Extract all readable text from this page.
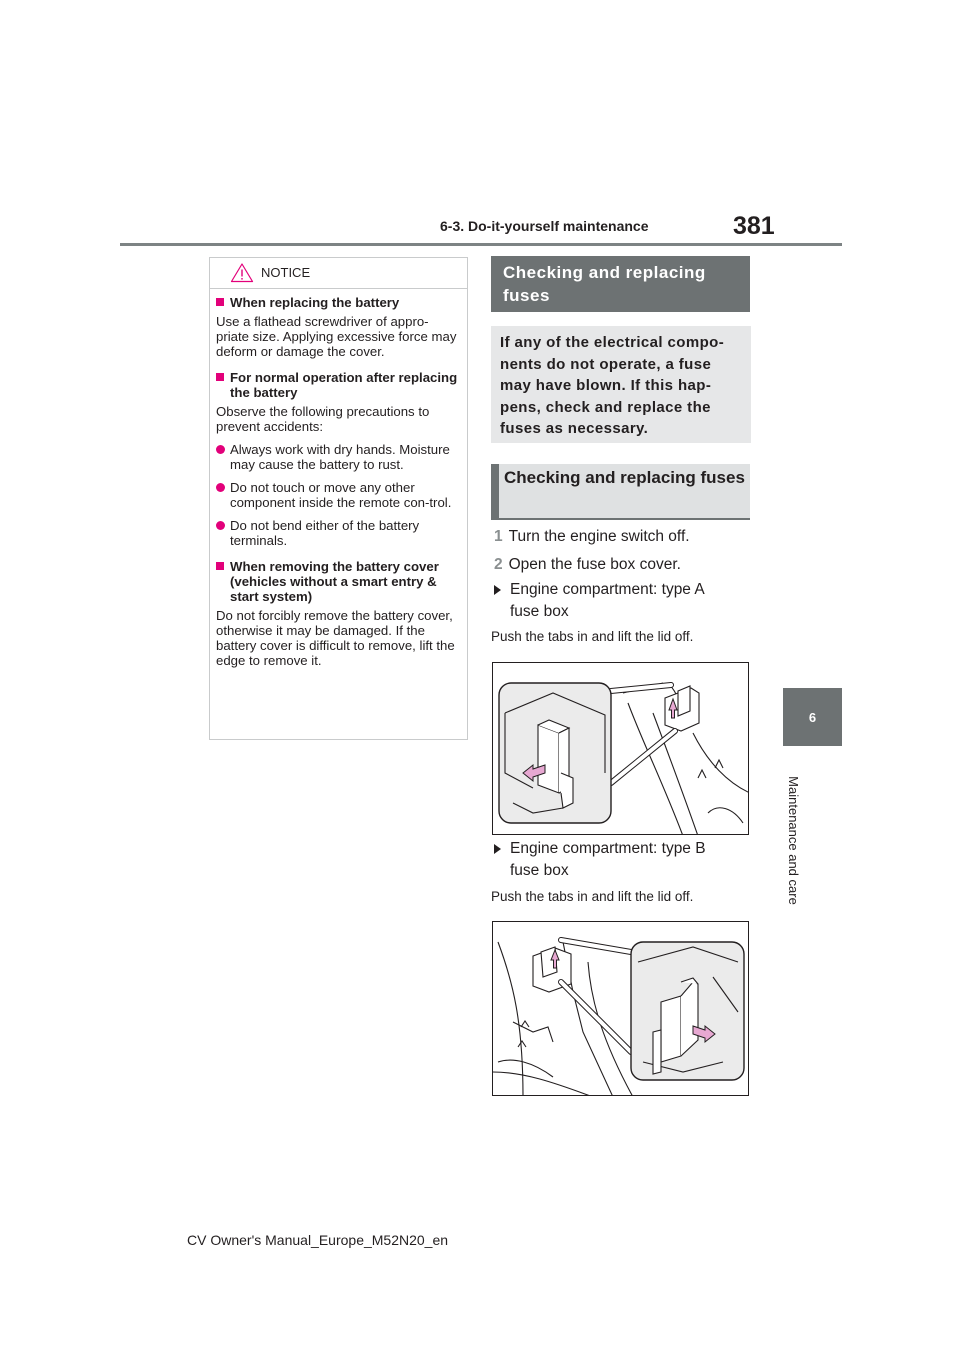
6-3. Do-it-yourself maintenance	381
6
Maintenance and care
NOTICE
When replacing the battery
Use a flathead screwdriver of appro-priate size. Applying excessive force may deform or damage the cover.
For normal operation after replacing the battery
Observe the following precautions to prevent accidents:
Always work with dry hands. Moisture may cause the battery to rust.
Do not touch or move any other component inside the remote con-trol.
Do not bend either of the battery terminals.
When removing the battery cover (vehicles without a smart entry & start system)
Do not forcibly remove the battery cover, otherwise it may be damaged. If the battery cover is difficult to remove, lift the edge to remove it.
Checking and replacing fuses
If any of the electrical compo-nents do not operate, a fuse may have blown. If this hap-pens, check and replace the fuses as necessary.
Checking and replacing fuses
1 Turn the engine switch off.
2 Open the fuse box cover.
Engine compartment: type A fuse box
Push the tabs in and lift the lid off.
Engine compartment: type B fuse box
Push the tabs in and lift the lid off.
CV Owner's Manual_Europe_M52N20_en
